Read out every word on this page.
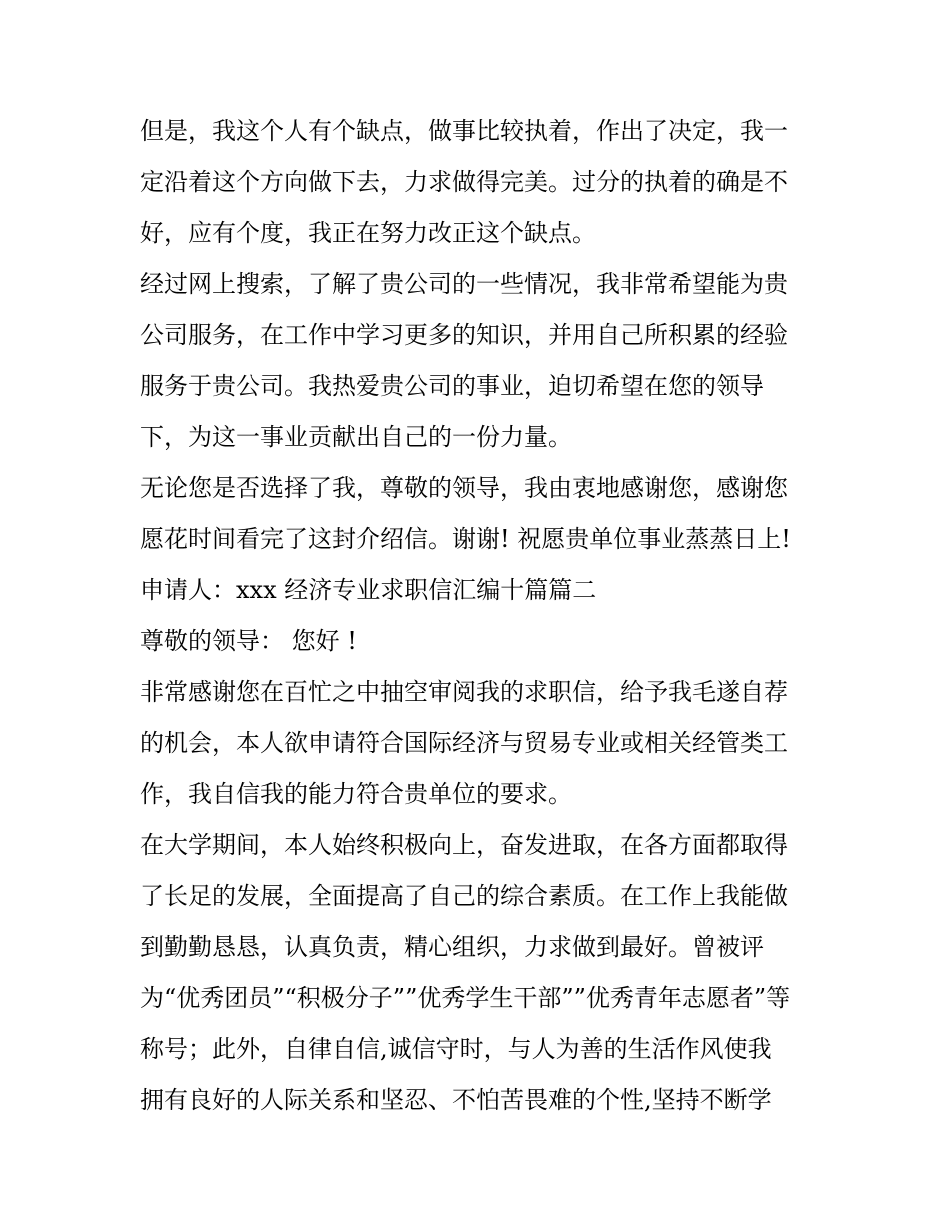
但是，我这个人有个缺点，做事比较执着，作出了决定，我一
定沿着这个方向做下去，力求做得完美。过分的执着的确是不
好，应有个度，我正在努力改正这个缺点。
经过网上搜索，了解了贵公司的一些情况，我非常希望能为贵
公司服务，在工作中学习更多的知识，并用自己所积累的经验
服务于贵公司。我热爱贵公司的事业，迫切希望在您的领导
下，为这一事业贡献出自己的一份力量。
无论您是否选择了我，尊敬的领导，我由衷地感谢您，感谢您
愿花时间看完了这封介绍信。谢谢! 祝愿贵单位事业蒸蒸日上!
申请人：xxx 经济专业求职信汇编十篇篇二
尊敬的领导： 您好 !
非常感谢您在百忙之中抽空审阅我的求职信，给予我毛遂自荐
的机会，本人欲申请符合国际经济与贸易专业或相关经管类工
作，我自信我的能力符合贵单位的要求。
在大学期间，本人始终积极向上，奋发进取，在各方面都取得
了长足的发展，全面提高了自己的综合素质。在工作上我能做
到勤勤恳恳，认真负责，精心组织，力求做到最好。曾被评
为“优秀团员”“积极分子””优秀学生干部””优秀青年志愿者”等
称号；此外，自律自信,诚信守时，与人为善的生活作风使我
拥有良好的人际关系和坚忍、不怕苦畏难的个性,坚持不断学
